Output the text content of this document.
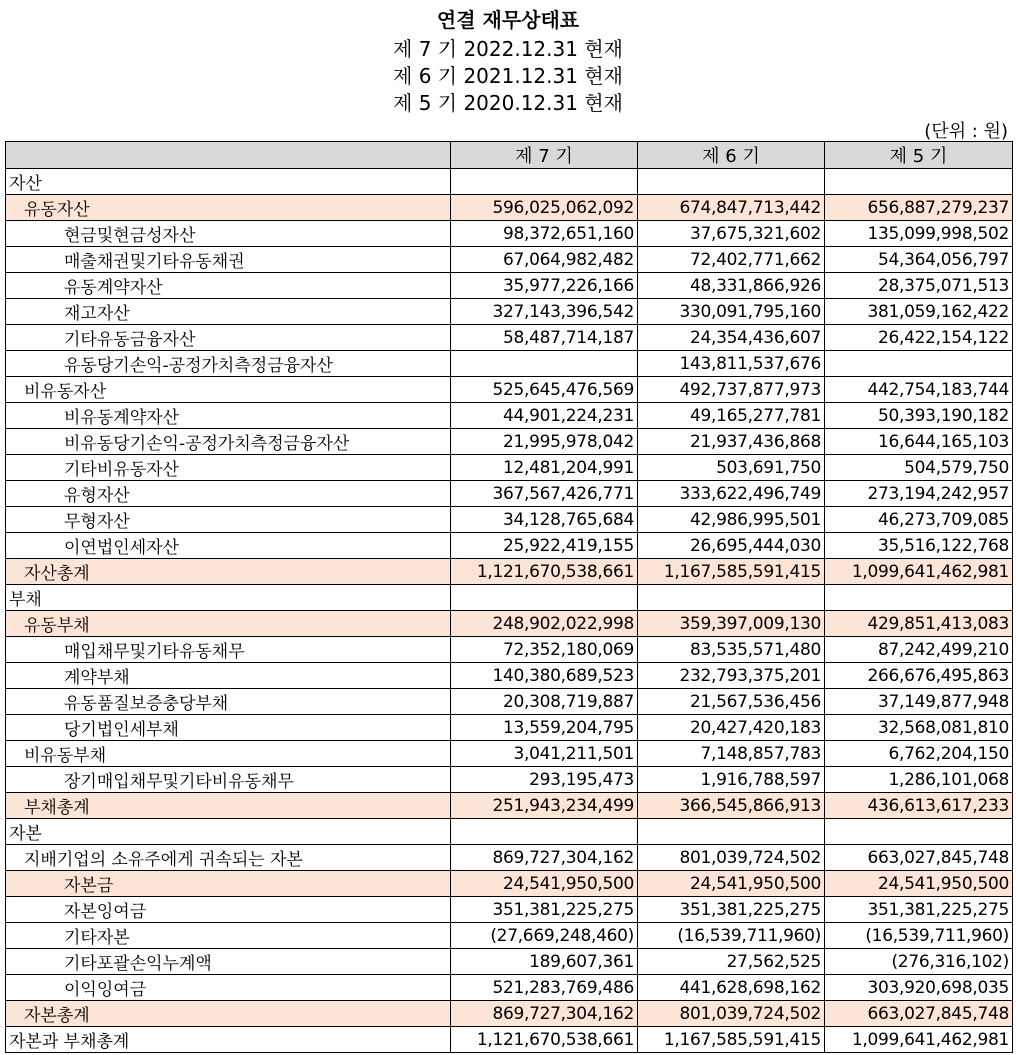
연결 재무상태표
제 7 기 2022.12.31 현재
제 6 기 2021.12.31 현재
제 5 기 2020.12.31 현재
(단위 : 원)
	제 7 기	제 6 기	제 5 기
자산			
유동자산	596,025,062,092	674,847,713,442	656,887,279,237
현금및현금성자산	98,372,651,160	37,675,321,602	135,099,998,502
매출채권및기타유동채권	67,064,982,482	72,402,771,662	54,364,056,797
유동계약자산	35,977,226,166	48,331,866,926	28,375,071,513
재고자산	327,143,396,542	330,091,795,160	381,059,162,422
기타유동금융자산	58,487,714,187	24,354,436,607	26,422,154,122
유동당기손익-공정가치측정금융자산		143,811,537,676	
비유동자산	525,645,476,569	492,737,877,973	442,754,183,744
비유동계약자산	44,901,224,231	49,165,277,781	50,393,190,182
비유동당기손익-공정가치측정금융자산	21,995,978,042	21,937,436,868	16,644,165,103
기타비유동자산	12,481,204,991	503,691,750	504,579,750
유형자산	367,567,426,771	333,622,496,749	273,194,242,957
무형자산	34,128,765,684	42,986,995,501	46,273,709,085
이연법인세자산	25,922,419,155	26,695,444,030	35,516,122,768
자산총계	1,121,670,538,661	1,167,585,591,415	1,099,641,462,981
부채			
유동부채	248,902,022,998	359,397,009,130	429,851,413,083
매입채무및기타유동채무	72,352,180,069	83,535,571,480	87,242,499,210
계약부채	140,380,689,523	232,793,375,201	266,676,495,863
유동품질보증충당부채	20,308,719,887	21,567,536,456	37,149,877,948
당기법인세부채	13,559,204,795	20,427,420,183	32,568,081,810
비유동부채	3,041,211,501	7,148,857,783	6,762,204,150
장기매입채무및기타비유동채무	293,195,473	1,916,788,597	1,286,101,068
부채총계	251,943,234,499	366,545,866,913	436,613,617,233
자본			
지배기업의 소유주에게 귀속되는 자본	869,727,304,162	801,039,724,502	663,027,845,748
자본금	24,541,950,500	24,541,950,500	24,541,950,500
자본잉여금	351,381,225,275	351,381,225,275	351,381,225,275
기타자본	(27,669,248,460)	(16,539,711,960)	(16,539,711,960)
기타포괄손익누계액	189,607,361	27,562,525	(276,316,102)
이익잉여금	521,283,769,486	441,628,698,162	303,920,698,035
자본총계	869,727,304,162	801,039,724,502	663,027,845,748
자본과 부채총계	1,121,670,538,661	1,167,585,591,415	1,099,641,462,981
